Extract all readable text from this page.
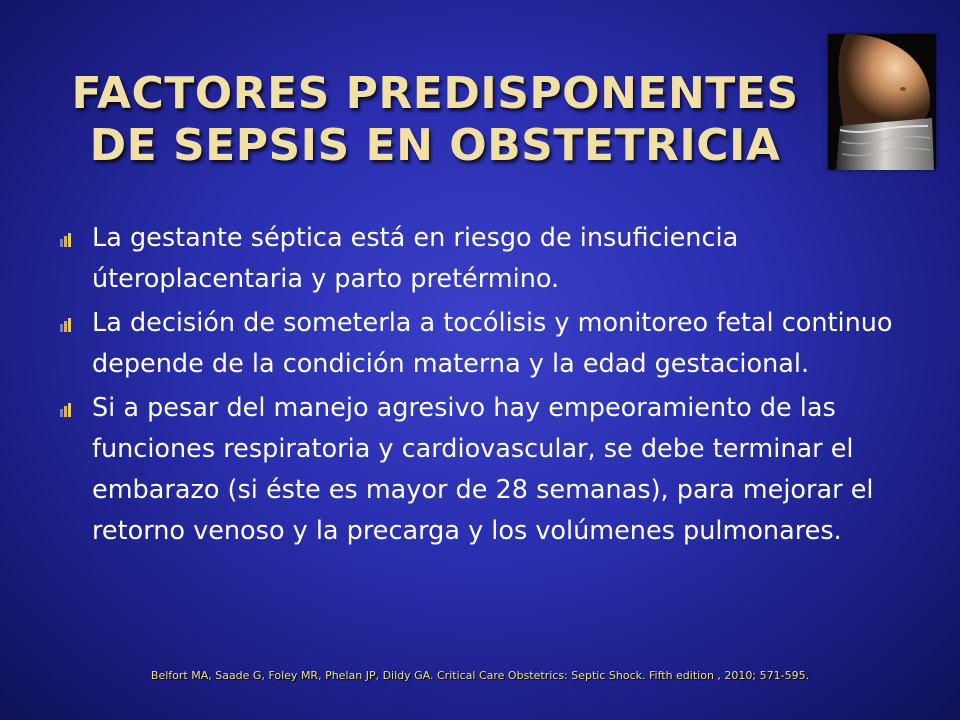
FACTORES PREDISPONENTES
DE SEPSIS EN OBSTETRICIA
La gestante séptica está en riesgo de insuficiencia úteroplacentaria y parto pretérmino.
La decisión de someterla a tocólisis y monitoreo fetal continuo depende de la condición materna y la edad gestacional.
Si a pesar del manejo agresivo hay empeoramiento de las funciones respiratoria y cardiovascular, se debe terminar el embarazo (si éste es mayor de 28 semanas), para mejorar el retorno venoso y la precarga y los volúmenes pulmonares.

Belfort MA, Saade G, Foley MR, Phelan JP, Dildy GA. Critical Care Obstetrics: Septic Shock. Fifth edition , 2010; 571-595.
